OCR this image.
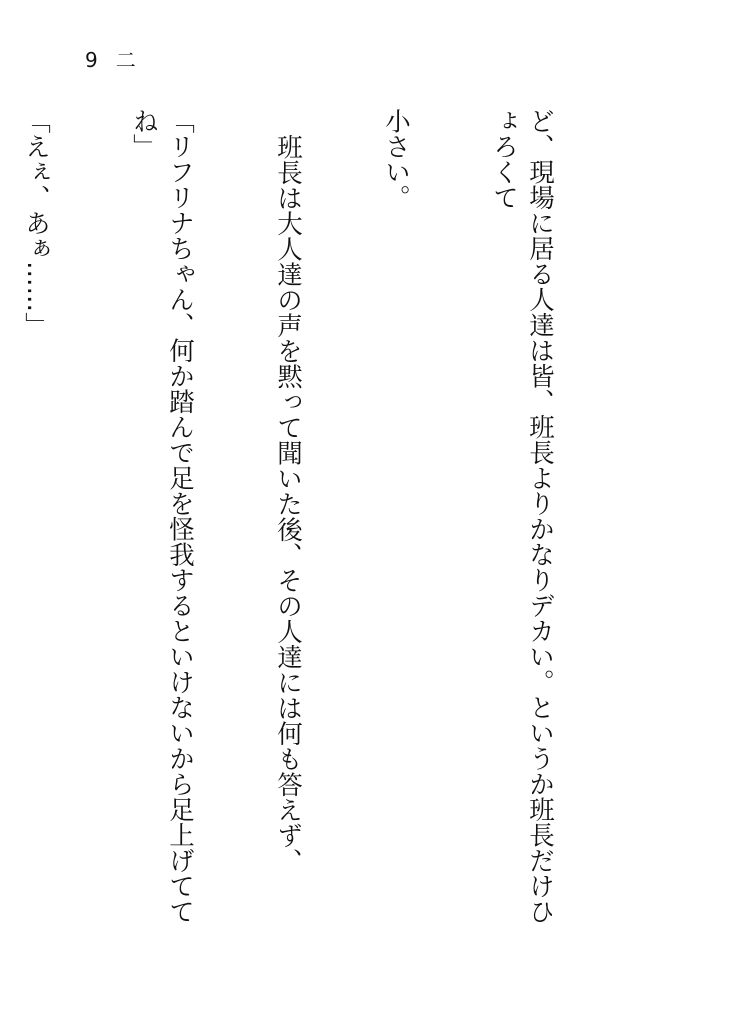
9 二

ど、現場に居る人達は皆、班長よりかなりデカい。というか班長だけひょろくて

小さい。

班長は大人達の声を黙って聞いた後、その人達には何も答えず、

「リフリナちゃん、何か踏んで足を怪我するといけないから足上げててね」

「えぇ、あぁ……」
